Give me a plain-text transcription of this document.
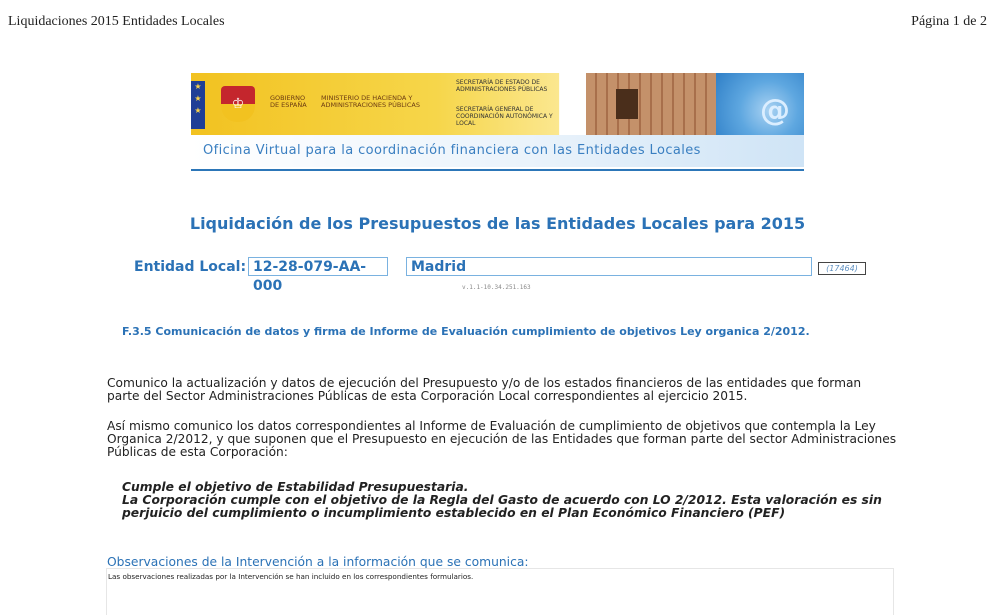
Liquidaciones 2015 Entidades Locales	Página 1 de 2
★
★
★
♔
GOBIERNO DE ESPAÑA
MINISTERIO DE HACIENDA Y ADMINISTRACIONES PÚBLICAS
SECRETARÍA DE ESTADO DE ADMINISTRACIONES PÚBLICAS
SECRETARÍA GENERAL DE COORDINACIÓN AUTONÓMICA Y LOCAL	@
Oficina Virtual para la coordinación financiera con las Entidades Locales
Liquidación de los Presupuestos de las Entidades Locales para 2015
Entidad Local: 12-28-079-AA-000
Madrid	(17464)
v.1.1-10.34.251.163
F.3.5 Comunicación de datos y firma de Informe de Evaluación cumplimiento de objetivos Ley organica 2/2012.
Comunico la actualización y datos de ejecución del Presupuesto y/o de los estados financieros de las entidades que forman parte del Sector Administraciones Públicas de esta Corporación Local correspondientes al ejercicio 2015.
Así mismo comunico los datos correspondientes al Informe de Evaluación de cumplimiento de objetivos que contempla la Ley Organica 2/2012, y que suponen que el Presupuesto en ejecución de las Entidades que forman parte del sector Administraciones Públicas de esta Corporación:
Cumple el objetivo de Estabilidad Presupuestaria.
La Corporación cumple con el objetivo de la Regla del Gasto de acuerdo con LO 2/2012. Esta valoración es sin perjuicio del cumplimiento o incumplimiento establecido en el Plan Económico Financiero (PEF)
Observaciones de la Intervención a la información que se comunica:
Las observaciones realizadas por la Intervención se han incluido en los correspondientes formularios.
